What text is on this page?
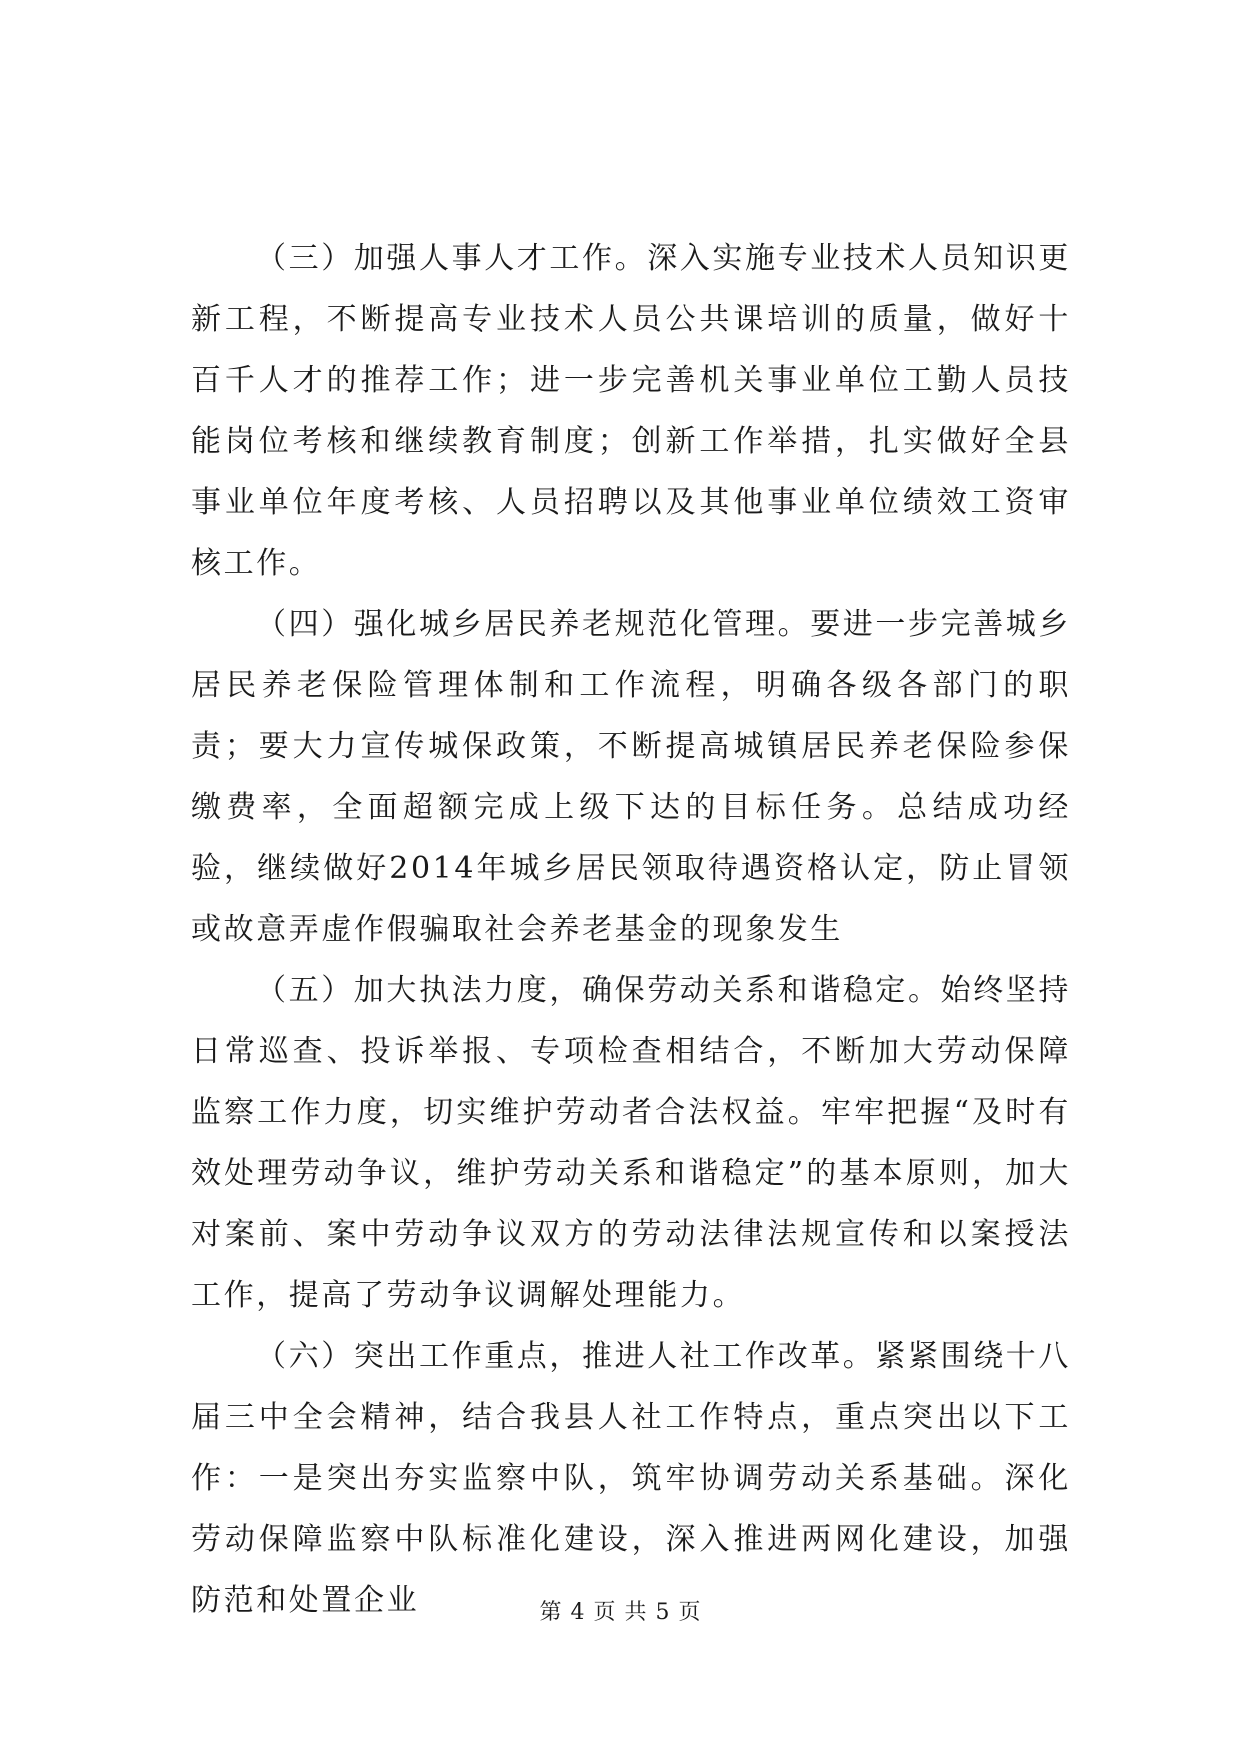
（三）加强人事人才工作。深入实施专业技术人员知识更新工程，不断提高专业技术人员公共课培训的质量，做好十百千人才的推荐工作；进一步完善机关事业单位工勤人员技能岗位考核和继续教育制度；创新工作举措，扎实做好全县事业单位年度考核、人员招聘以及其他事业单位绩效工资审核工作。

（四）强化城乡居民养老规范化管理。要进一步完善城乡居民养老保险管理体制和工作流程，明确各级各部门的职责；要大力宣传城保政策，不断提高城镇居民养老保险参保缴费率，全面超额完成上级下达的目标任务。总结成功经验，继续做好2014年城乡居民领取待遇资格认定，防止冒领或故意弄虚作假骗取社会养老基金的现象发生

（五）加大执法力度，确保劳动关系和谐稳定。始终坚持日常巡查、投诉举报、专项检查相结合，不断加大劳动保障监察工作力度，切实维护劳动者合法权益。牢牢把握“及时有效处理劳动争议，维护劳动关系和谐稳定”的基本原则，加大对案前、案中劳动争议双方的劳动法律法规宣传和以案授法工作，提高了劳动争议调解处理能力。

（六）突出工作重点，推进人社工作改革。紧紧围绕十八届三中全会精神，结合我县人社工作特点，重点突出以下工作：一是突出夯实监察中队，筑牢协调劳动关系基础。深化劳动保障监察中队标准化建设，深入推进两网化建设，加强防范和处置企业	第 4 页 共 5 页
